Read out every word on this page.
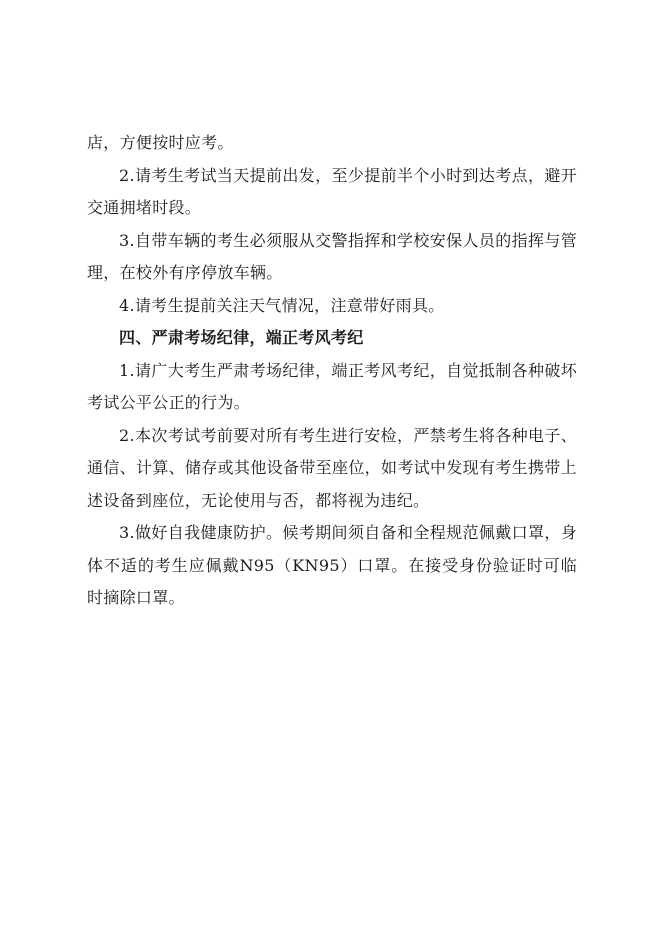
店，方便按时应考。

2.请考生考试当天提前出发，至少提前半个小时到达考点，避开交通拥堵时段。

3.自带车辆的考生必须服从交警指挥和学校安保人员的指挥与管理，在校外有序停放车辆。

4.请考生提前关注天气情况，注意带好雨具。

四、严肃考场纪律，端正考风考纪

1.请广大考生严肃考场纪律，端正考风考纪，自觉抵制各种破坏考试公平公正的行为。

2.本次考试考前要对所有考生进行安检，严禁考生将各种电子、通信、计算、储存或其他设备带至座位，如考试中发现有考生携带上述设备到座位，无论使用与否，都将视为违纪。

3.做好自我健康防护。候考期间须自备和全程规范佩戴口罩，身体不适的考生应佩戴N95（KN95）口罩。在接受身份验证时可临时摘除口罩。
